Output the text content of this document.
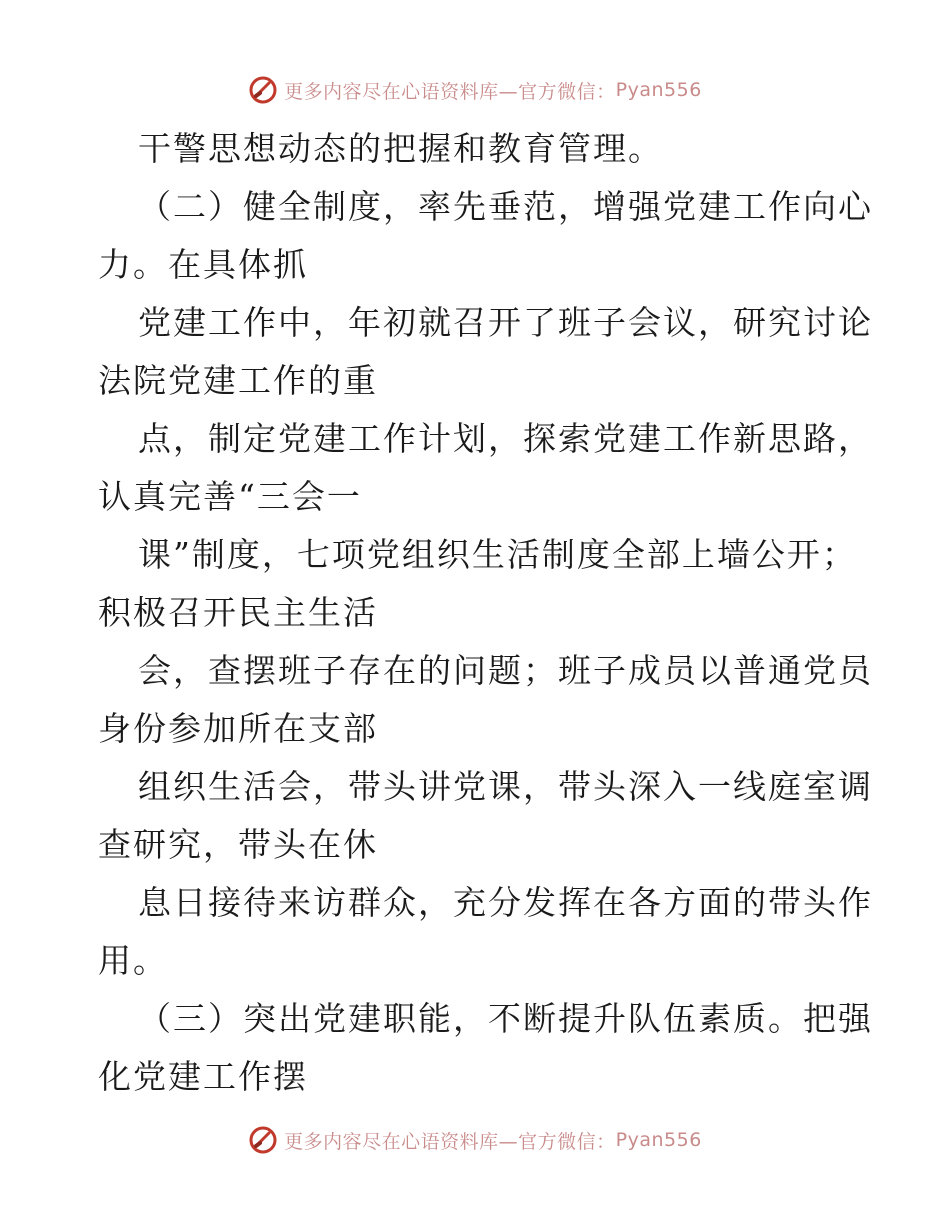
更多内容尽在心语资料库—官方微信： Pyan556
干警思想动态的把握和教育管理。
（二）健全制度，率先垂范，增强党建工作向心
力。在具体抓
党建工作中，年初就召开了班子会议，研究讨论
法院党建工作的重
点，制定党建工作计划，探索党建工作新思路，
认真完善“三会一
课”制度，七项党组织生活制度全部上墙公开；
积极召开民主生活
会，查摆班子存在的问题；班子成员以普通党员
身份参加所在支部
组织生活会，带头讲党课，带头深入一线庭室调
查研究，带头在休
息日接待来访群众，充分发挥在各方面的带头作
用。
（三）突出党建职能，不断提升队伍素质。把强
化党建工作摆
更多内容尽在心语资料库—官方微信： Pyan556
